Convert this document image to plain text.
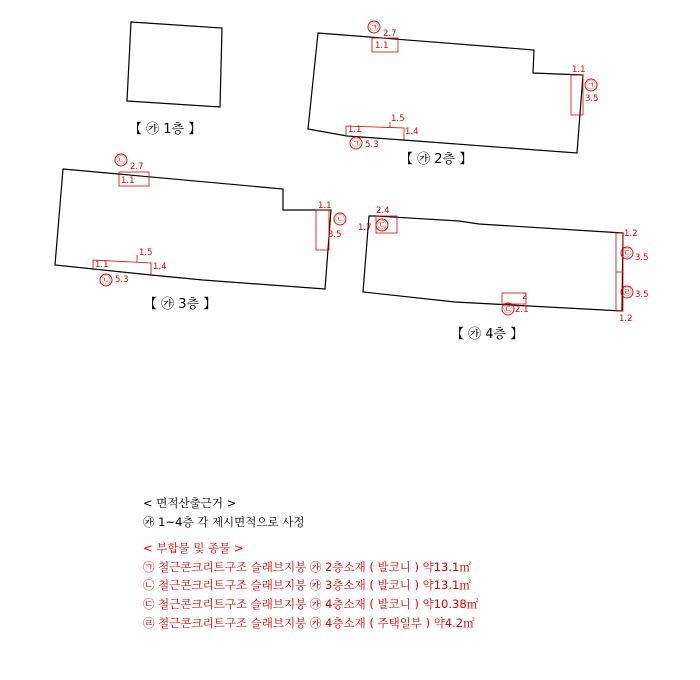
㉠
㉠
㉠
㉡
㉡
㉡
㉢
㉢
㉢
㉣
2.7
1.1
1.1
3.5
1.1
5.3
1.5
1.4
2.7
1.1
1.1
3.5
1.1
5.3
1.5
1.4
2.4
1.7
2.1
2
1.2
3.5
3.5
1.2
【 ㉮ 1층 】
【 ㉮ 2층 】
【 ㉮ 3층 】
【 ㉮ 4층 】
< 면적산출근거 >
㉮ 1~4층 각 제시면적으로 사정
< 부합물 및 종물 >
㉠ 철근콘크리트구조 슬래브지붕 ㉮ 2층소재 ( 발코니 ) 약13.1㎡
㉡ 철근콘크리트구조 슬래브지붕 ㉮ 3층소재 ( 발코니 ) 약13.1㎡
㉢ 철근콘크리트구조 슬래브지붕 ㉮ 4층소재 ( 발코니 ) 약10.38㎡
㉣ 철근콘크리트구조 슬래브지붕 ㉮ 4층소재 ( 주택일부 ) 약4.2㎡
